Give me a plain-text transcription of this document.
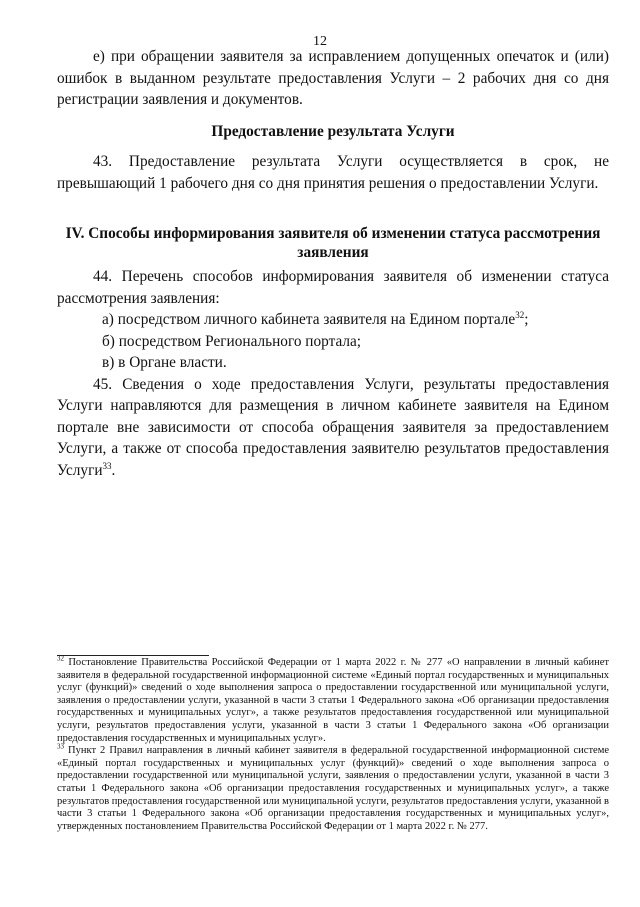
12

е) при обращении заявителя за исправлением допущенных опечаток и (или) ошибок в выданном результате предоставления Услуги – 2 рабочих дня со дня регистрации заявления и документов.

Предоставление результата Услуги

43. Предоставление результата Услуги осуществляется в срок, не превышающий 1 рабочего дня со дня принятия решения о предоставлении Услуги.

IV. Способы информирования заявителя об изменении статуса рассмотрения заявления

44. Перечень способов информирования заявителя об изменении статуса рассмотрения заявления:

а) посредством личного кабинета заявителя на Едином портале$^{32}$;

б) посредством Регионального портала;

в) в Органе власти.

45. Сведения о ходе предоставления Услуги, результаты предоставления Услуги направляются для размещения в личном кабинете заявителя на Едином портале вне зависимости от способа обращения заявителя за предоставлением Услуги, а также от способа предоставления заявителю результатов предоставления Услуги$^{33}$.

$^{32}$ Постановление Правительства Российской Федерации от 1 марта 2022 г. № 277 «О направлении в личный кабинет заявителя в федеральной государственной информационной системе «Единый портал государственных и муниципальных услуг (функций)» сведений о ходе выполнения запроса о предоставлении государственной или муниципальной услуги, заявления о предоставлении услуги, указанной в части 3 статьи 1 Федерального закона «Об организации предоставления государственных и муниципальных услуг», а также результатов предоставления государственной или муниципальной услуги, результатов предоставления услуги, указанной в части 3 статьи 1 Федерального закона «Об организации предоставления государственных и муниципальных услуг».

$^{33}$ Пункт 2 Правил направления в личный кабинет заявителя в федеральной государственной информационной системе «Единый портал государственных и муниципальных услуг (функций)» сведений о ходе выполнения запроса о предоставлении государственной или муниципальной услуги, заявления о предоставлении услуги, указанной в части 3 статьи 1 Федерального закона «Об организации предоставления государственных и муниципальных услуг», а также результатов предоставления государственной или муниципальной услуги, результатов предоставления услуги, указанной в части 3 статьи 1 Федерального закона «Об организации предоставления государственных и муниципальных услуг», утвержденных постановлением Правительства Российской Федерации от 1 марта 2022 г. № 277.
